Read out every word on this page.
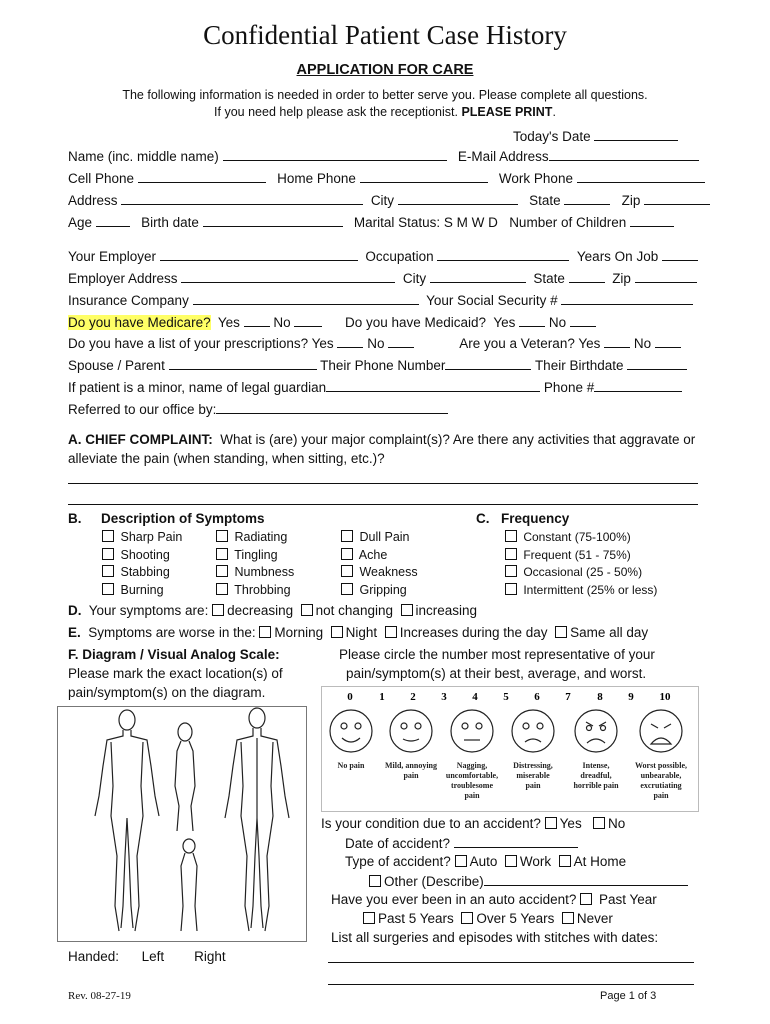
Confidential Patient Case History
APPLICATION FOR CARE
The following information is needed in order to better serve you. Please complete all questions.
If you need help please ask the receptionist. PLEASE PRINT.
Today's Date
Name (inc. middle name)	E-Mail Address
Cell Phone	Home Phone	Work Phone
Address	City	State	Zip
Age	Birth date	Marital Status: S M W D Number of Children
Your Employer	Occupation	Years On Job
Employer Address	City	State	Zip
Insurance Company	Your Social Security #
Do you have Medicare? Yes No	Do you have Medicaid? Yes No
Do you have a list of your prescriptions? Yes No	Are you a Veteran? Yes No
Spouse / Parent	Their Phone Number	Their Birthdate
If patient is a minor, name of legal guardian	Phone #
Referred to our office by:
A. CHIEF COMPLAINT: What is (are) your major complaint(s)? Are there any activities that aggravate or
alleviate the pain (when standing, when sitting, etc.)?
B. Description of Symptoms	C. Frequency
Sharp Pain
Shooting
Stabbing
Burning
Radiating
Tingling
Numbness
Throbbing
Dull Pain
Ache
Weakness
Gripping
Constant (75-100%)
Frequent (51 - 75%)
Occasional (25 - 50%)
Intermittent (25% or less)
D. Your symptoms are: decreasing not changing increasing
E. Symptoms are worse in the: Morning Night Increases during the day Same all day
F. Diagram / Visual Analog Scale:
Please mark the exact location(s) of
pain/symptom(s) on the diagram.
Please circle the number most representative of your
pain/symptom(s) at their best, average, and worst.
0 1 2 3 4 5 6 7 8 9 10
No pain	Mild, annoying
pain
Nagging,
uncomfortable,
troublesome
pain
Distressing,
miserable
pain
Intense,
dreadful,
horrible pain
Worst possible,
unbearable,
excrutiating
pain
Is your condition due to an accident? Yes No
Date of accident?
Type of accident? Auto Work At Home
Other (Describe)
Have you ever been in an auto accident? Past Year
Past 5 Years Over 5 Years Never
List all surgeries and episodes with stitches with dates:
Handed: Left Right
Rev. 08-27-19	Page 1 of 3
